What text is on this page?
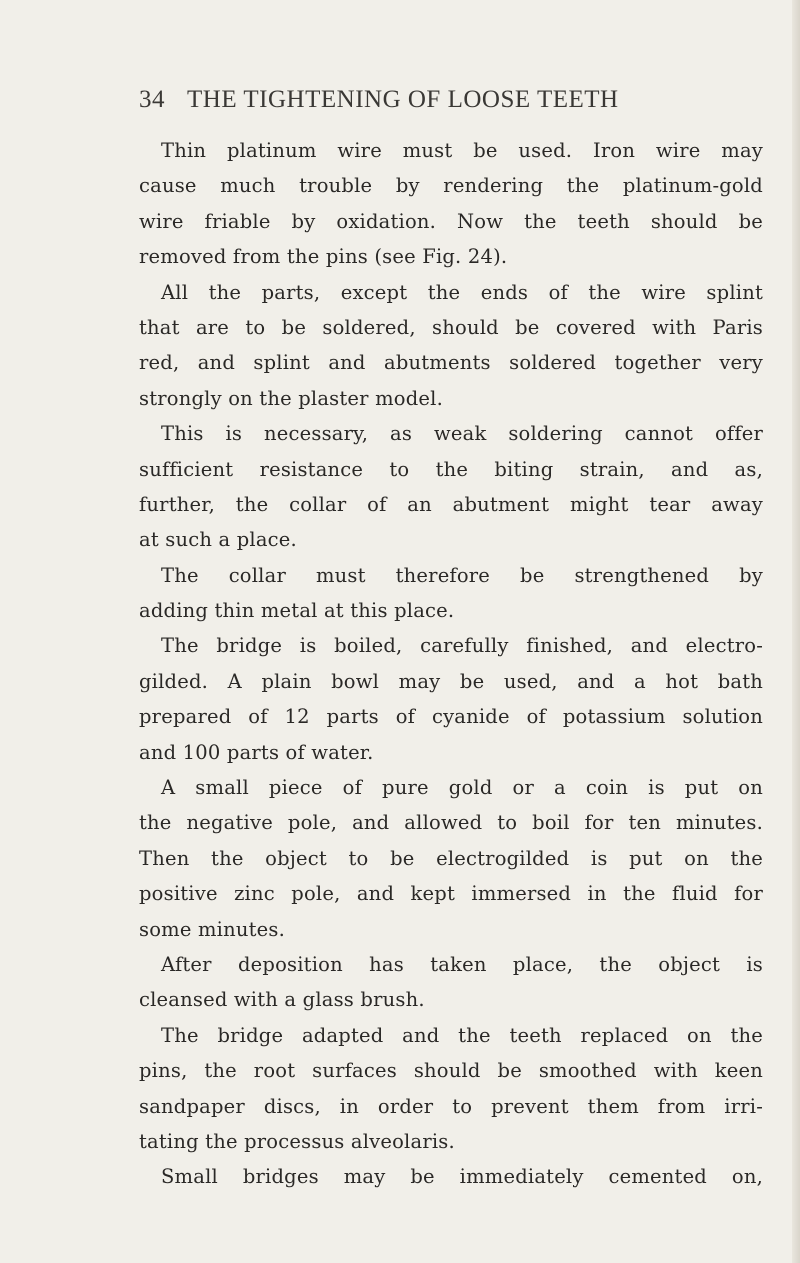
34 THE TIGHTENING OF LOOSE TEETH
Thin platinum wire must be used. Iron wire may
cause much trouble by rendering the platinum-gold
wire friable by oxidation. Now the teeth should be
removed from the pins (see Fig. 24).
All the parts, except the ends of the wire splint
that are to be soldered, should be covered with Paris
red, and splint and abutments soldered together very
strongly on the plaster model.
This is necessary, as weak soldering cannot offer
sufficient resistance to the biting strain, and as,
further, the collar of an abutment might tear away
at such a place.
The collar must therefore be strengthened by
adding thin metal at this place.
The bridge is boiled, carefully finished, and electro-
gilded. A plain bowl may be used, and a hot bath
prepared of 12 parts of cyanide of potassium solution
and 100 parts of water.
A small piece of pure gold or a coin is put on
the negative pole, and allowed to boil for ten minutes.
Then the object to be electrogilded is put on the
positive zinc pole, and kept immersed in the fluid for
some minutes.
After deposition has taken place, the object is
cleansed with a glass brush.
The bridge adapted and the teeth replaced on the
pins, the root surfaces should be smoothed with keen
sandpaper discs, in order to prevent them from irri-
tating the processus alveolaris.
Small bridges may be immediately cemented on,
